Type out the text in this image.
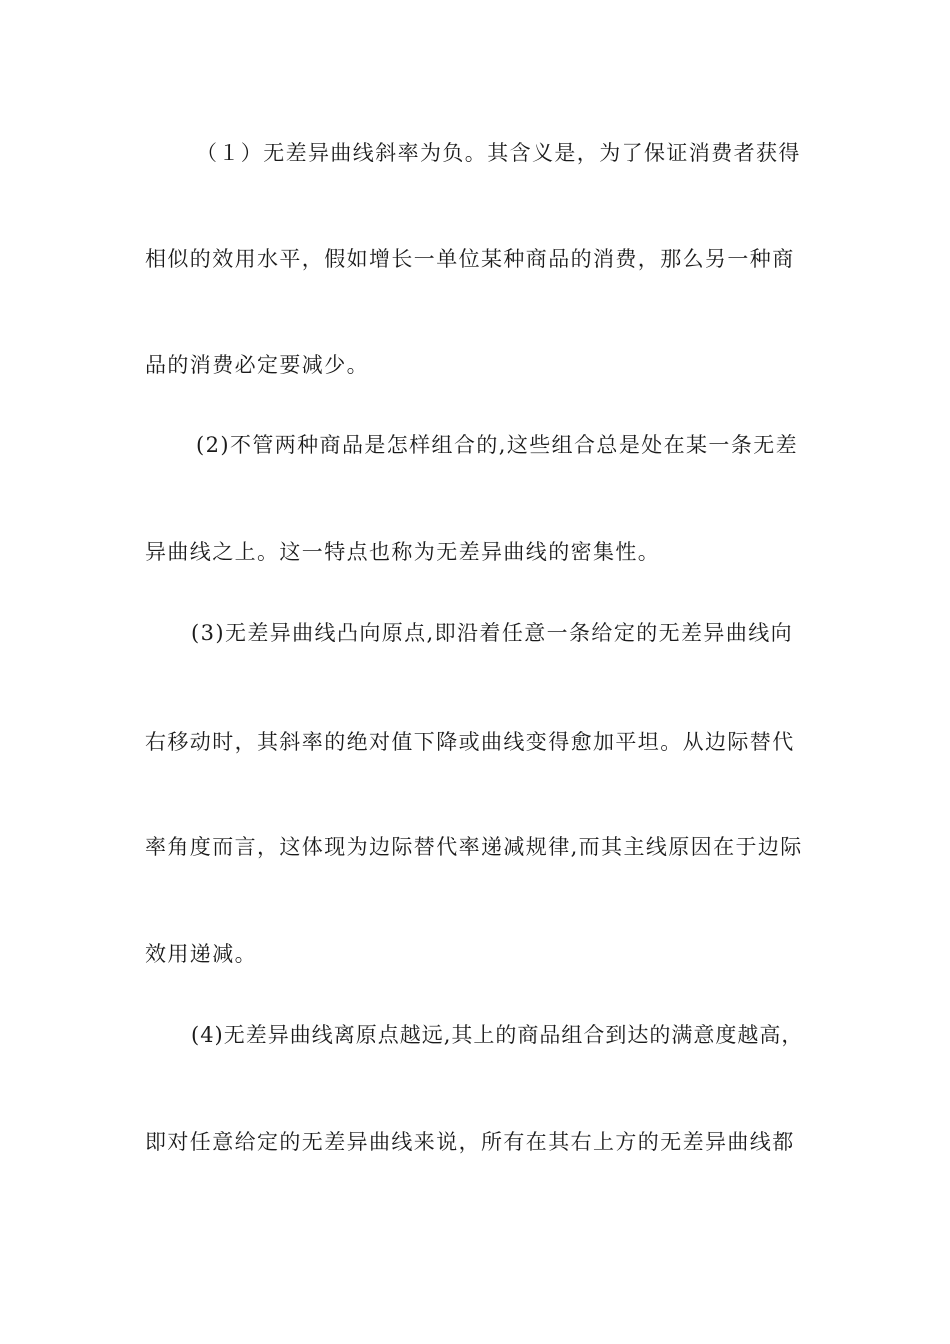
（１）无差异曲线斜率为负。其含义是，为了保证消费者获得
相似的效用水平，假如增长一单位某种商品的消费，那么另一种商
品的消费必定要减少。
(2)不管两种商品是怎样组合的,这些组合总是处在某一条无差
异曲线之上。这一特点也称为无差异曲线的密集性。
(3)无差异曲线凸向原点,即沿着任意一条给定的无差异曲线向
右移动时，其斜率的绝对值下降或曲线变得愈加平坦。从边际替代
率角度而言，这体现为边际替代率递减规律,而其主线原因在于边际
效用递减。
(4)无差异曲线离原点越远,其上的商品组合到达的满意度越高，
即对任意给定的无差异曲线来说，所有在其右上方的无差异曲线都
